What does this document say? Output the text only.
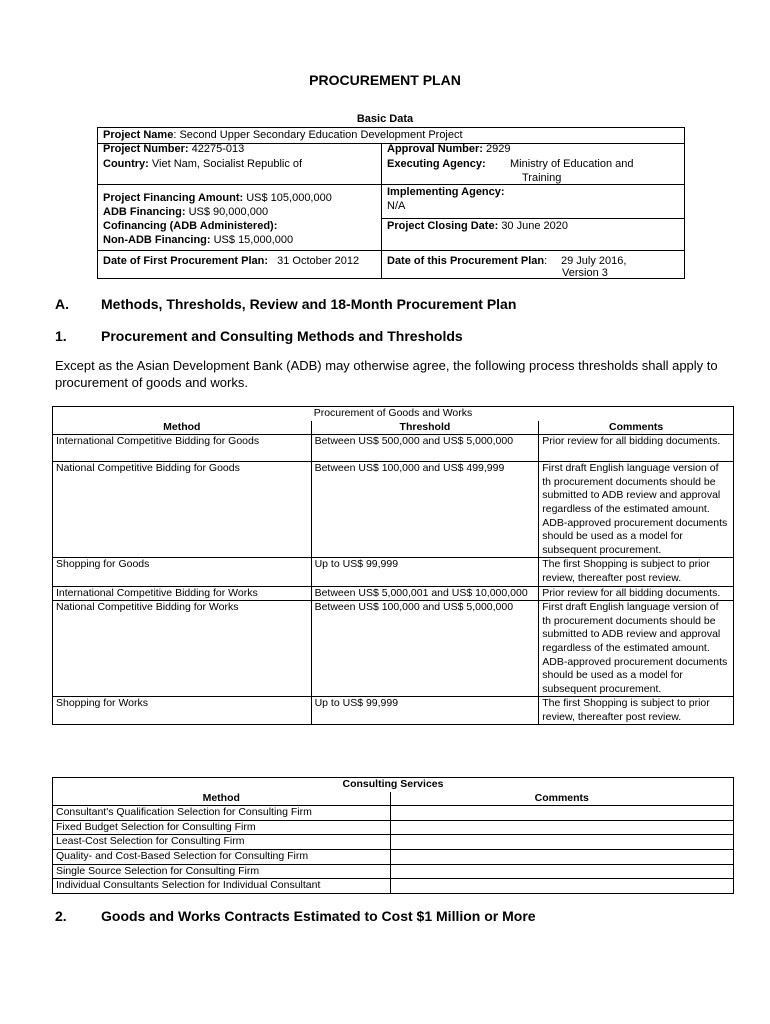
PROCUREMENT PLAN
Basic Data
Project Name: Second Upper Secondary Education Development Project
Project Number: 42275-013
Country: Viet Nam, Socialist Republic of
Approval Number: 2929
Executing Agency: Ministry of Education and
Training
Project Financing Amount: US$ 105,000,000
ADB Financing: US$ 90,000,000
Cofinancing (ADB Administered):
Non-ADB Financing: US$ 15,000,000
Implementing Agency:
N/A
Project Closing Date: 30 June 2020
Date of First Procurement Plan: 31 October 2012	Date of this Procurement Plan: 29 July 2016,
Version 3
A. Methods, Thresholds, Review and 18-Month Procurement Plan
1. Procurement and Consulting Methods and Thresholds
Except as the Asian Development Bank (ADB) may otherwise agree, the following process thresholds shall apply to procurement of goods and works.
Procurement of Goods and Works		
Method	Threshold	Comments
International Competitive Bidding for Goods	Between US$ 500,000 and US$ 5,000,000	Prior review for all bidding documents.
National Competitive Bidding for Goods	Between US$ 100,000 and US$ 499,999	First draft English language version of th procurement documents should be submitted to ADB review and approval regardless of the estimated amount. ADB-approved procurement documents should be used as a model for subsequent procurement.
Shopping for Goods	Up to US$ 99,999	The first Shopping is subject to prior review, thereafter post review.
International Competitive Bidding for Works	Between US$ 5,000,001 and US$ 10,000,000	Prior review for all bidding documents.
National Competitive Bidding for Works	Between US$ 100,000 and US$ 5,000,000	First draft English language version of th procurement documents should be submitted to ADB review and approval regardless of the estimated amount. ADB-approved procurement documents should be used as a model for subsequent procurement.
Shopping for Works	Up to US$ 99,999	The first Shopping is subject to prior review, thereafter post review.
Consulting Services	
Method	Comments
Consultant's Qualification Selection for Consulting Firm	
Fixed Budget Selection for Consulting Firm	
Least-Cost Selection for Consulting Firm	
Quality- and Cost-Based Selection for Consulting Firm	
Single Source Selection for Consulting Firm	
Individual Consultants Selection for Individual Consultant	
2. Goods and Works Contracts Estimated to Cost $1 Million or More
